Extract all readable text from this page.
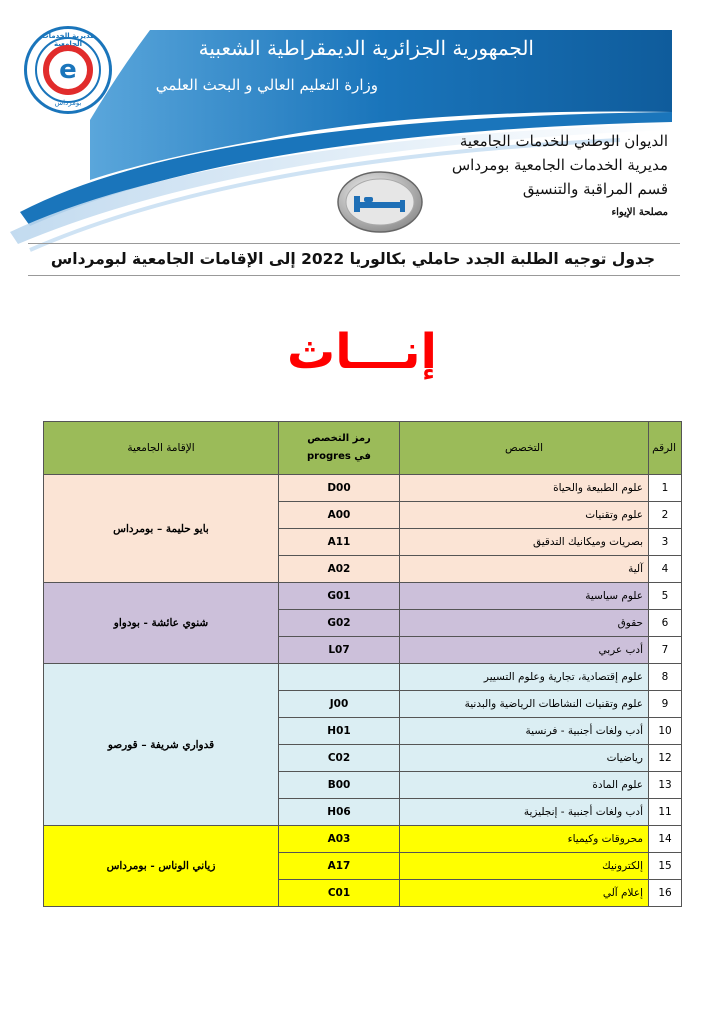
مديرية الخدمات الجامعية
e
بومرداس
الجمهورية الجزائرية الديمقراطية الشعبية
وزارة التعليم العالي و البحث العلمي
الديوان الوطني للخدمات الجامعية
مديرية الخدمات الجامعية بومرداس
قسم المراقبة والتنسيق
مصلحة الإيواء
جدول توجيه الطلبة الجدد حاملي بكالوريا 2022 إلى الإقامات الجامعية لبومرداس
إنـــاث
الرقم	التخصص	رمز التخصص
في progres	الإقامة الجامعية
1	علوم الطبيعة والحياة	D00	بايو حليمة – بومرداس
2	علوم وتقنيات	A00	
3	بصريات وميكانيك التدقيق	A11	
4	آلية	A02	
5	علوم سياسية	G01	شنوي عائشة - بودواو
6	حقوق	G02	
7	أدب عربي	L07	
8	علوم إقتصادية، تجارية وعلوم التسيير		قدواري شريفة – قورصو
9	علوم وتقنيات النشاطات الرياضية والبدنية	J00	
10	أدب ولغات أجنبية - فرنسية	H01	
12	رياضيات	C02	
13	علوم المادة	B00	
11	أدب ولغات أجنبية - إنجليزية	H06	
14	محروقات وكيمياء	A03	زياني الوناس - بومرداس
15	إلكترونيك	A17	
16	إعلام آلي	C01	
